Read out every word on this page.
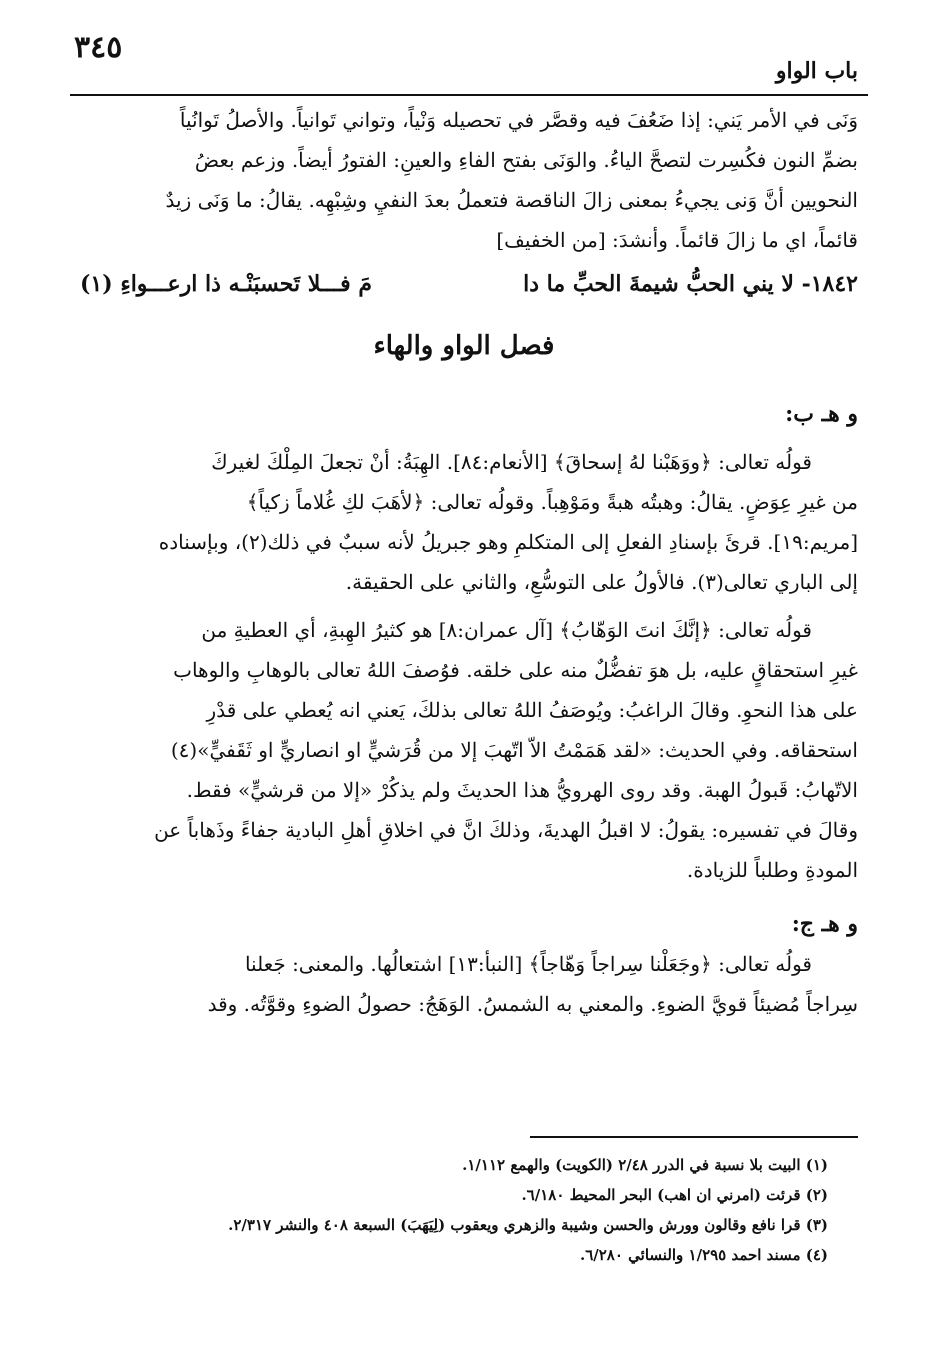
٣٤٥
باب الواو

وَنَى في الأمر يَني: إذا ضَعُفَ فيه وقصَّر في تحصيله وَنْياً، وتواني تَوانياً. والأصلُ تَوانُياً

بضمِّ النون فكُسِرت لتصحَّ الياءُ. والوَنَى بفتح الفاءِ والعينِ: الفتورُ أيضاً. وزعم بعضُ

النحويين أنَّ وَنى يجيءُ بمعنى زالَ الناقصة فتعملُ بعدَ النفيِ وشِبْهِه. يقالُ: ما وَنَى زيدٌ

قائماً، اي ما زالَ قائماً. وأنشدَ: [من الخفيف]

١٨٤٢- لا يني الحبُّ شيمةَ الحبِّ ما دا
مَ فـــلا تَحسبَنْـه ذا ارعـــواءِ (١)
فصل الواو والهاء
و هـ ب:

قولُه تعالى: ﴿ووَهَبْنا لهُ إسحاقَ﴾ [الأنعام:٨٤]. الهِبَةُ: أنْ تجعلَ المِلْكَ لغيركَ

من غيرِ عِوَضٍ. يقالُ: وهبتُه هبةً ومَوْهِباً. وقولُه تعالى: ﴿لأهَبَ لكِ غُلاماً زكياً﴾

[مريم:١٩]. قرئَ بإسنادِ الفعلِ إلى المتكلمِ وهو جبريلُ لأنه سببٌ في ذلك(٢)، وبإسناده

إلى الباري تعالى(٣). فالأولُ على التوسُّعِ، والثاني على الحقيقة.

قولُه تعالى: ﴿إنَّكَ انتَ الوَهّابُ﴾ [آل عمران:٨] هو كثيرُ الهِبةِ، أي العطيةِ من

غيرِ استحقاقٍ عليه، بل هوَ تفضُّلٌ منه على خلقه. فوُصفَ اللهُ تعالى بالوهابِ والوهاب

على هذا النحوِ. وقالَ الراغبُ: ويُوصَفُ اللهُ تعالى بذلكَ، يَعني انه يُعطي على قدْرِ

استحقاقه. وفي الحديث: «لقد هَمَمْتُ الاّ اتّهبَ إلا من قُرَشيٍّ او انصاريٍّ او ثَقَفيٍّ»(٤)

الاتّهابُ: قَبولُ الهبة. وقد روى الهرويُّ هذا الحديثَ ولم يذكُرْ «إلا من قرشيٍّ» فقط.

وقالَ في تفسيره: يقولُ: لا اقبلُ الهديةَ، وذلكَ انَّ في اخلاقِ أهلِ البادية جفاءً وذَهاباً عن

المودةِ وطلباً للزيادة.

و هـ ج:

قولُه تعالى: ﴿وجَعَلْنا سِراجاً وَهّاجاً﴾ [النبأ:١٣] اشتعالُها. والمعنى: جَعلنا

سِراجاً مُضيئاً قويَّ الضوءِ. والمعني به الشمسُ. الوَهَجُ: حصولُ الضوءِ وقوَّتُه. وقد

(١) البيت بلا نسبة في الدرر ٢/٤٨ (الكويت) والهمع ١/١١٢.
(٢) قرئت (امرني ان اهب) البحر المحيط ٦/١٨٠.
(٣) قرا نافع وقالون وورش والحسن وشيبة والزهري ويعقوب (لِيَهَبَ) السبعة ٤٠٨ والنشر ٢/٣١٧.
(٤) مسند احمد ١/٢٩٥ والنسائي ٦/٢٨٠.
